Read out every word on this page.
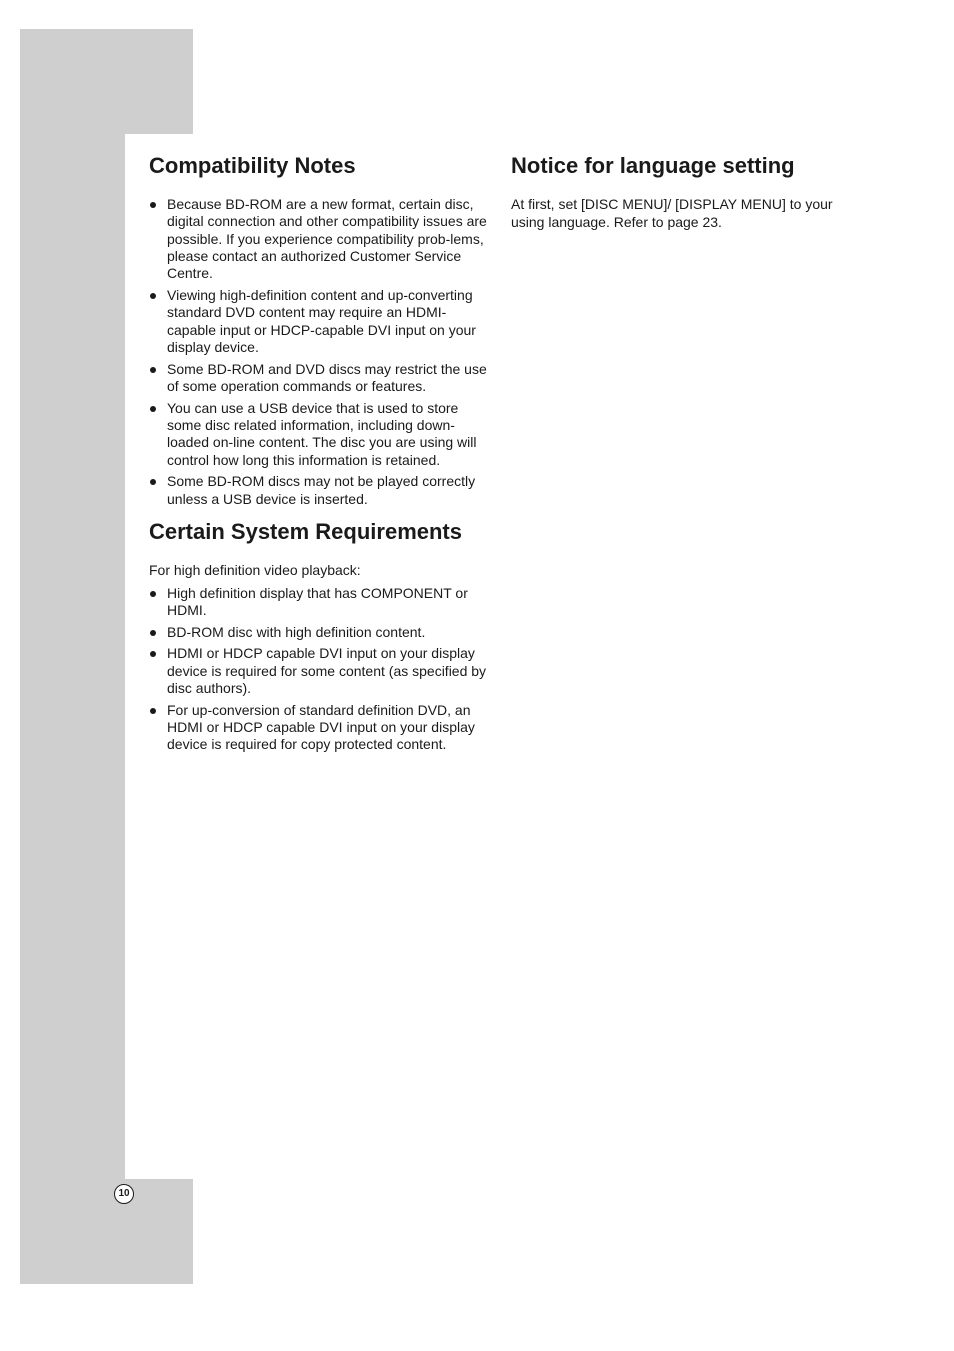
10
Compatibility Notes
Because BD-ROM are a new format, certain disc, digital connection and other compatibility issues are possible. If you experience compatibility prob-lems, please contact an authorized Customer Service Centre.
Viewing high-definition content and up-converting standard DVD content may require an HDMI-capable input or HDCP-capable DVI input on your display device.
Some BD-ROM and DVD discs may restrict the use of some operation commands or features.
You can use a USB device that is used to store some disc related information, including down-loaded on-line content. The disc you are using will control how long this information is retained.
Some BD-ROM discs may not be played correctly unless a USB device is inserted.
Certain System Requirements

For high definition video playback:

High definition display that has COMPONENT or HDMI.
BD-ROM disc with high definition content.
HDMI or HDCP capable DVI input on your display device is required for some content (as specified by disc authors).
For up-conversion of standard definition DVD, an HDMI or HDCP capable DVI input on your display device is required for copy protected content.
Notice for language setting

At first, set [DISC MENU]/ [DISPLAY MENU] to your using language. Refer to page 23.
